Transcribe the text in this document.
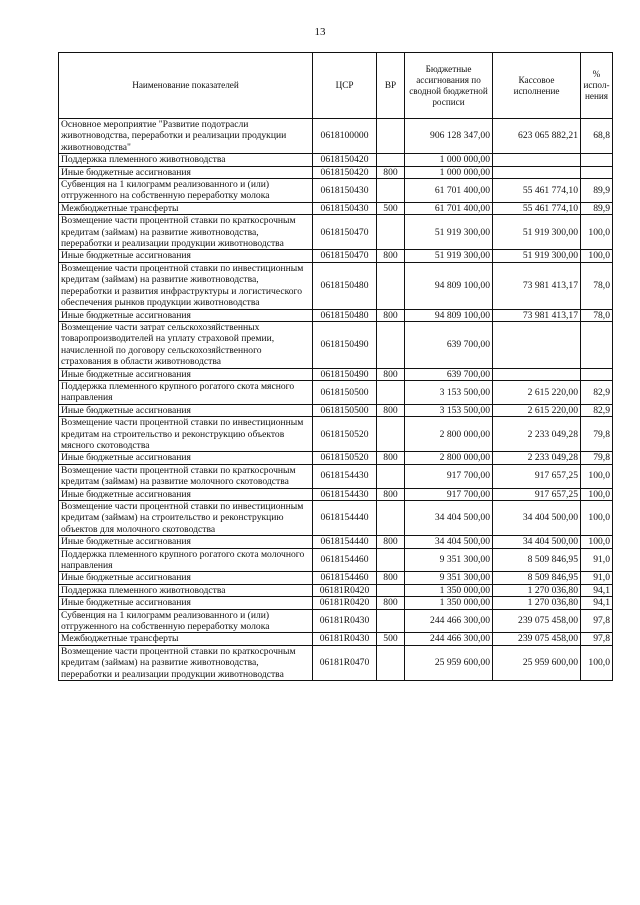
13
Наименование показателей	ЦСР	ВР	Бюджетные ассигнования по сводной бюджетной росписи	Кассовое исполнение	% испол-нения
Основное мероприятие "Развитие подотрасли животноводства, переработки и реализации продукции животноводства"	0618100000		906 128 347,00	623 065 882,21	68,8
Поддержка племенного животноводства	0618150420		1 000 000,00		
Иные бюджетные ассигнования	0618150420	800	1 000 000,00		
Субвенция на 1 килограмм реализованного и (или) отгруженного на собственную переработку молока	0618150430		61 701 400,00	55 461 774,10	89,9
Межбюджетные трансферты	0618150430	500	61 701 400,00	55 461 774,10	89,9
Возмещение части процентной ставки по краткосрочным кредитам (займам) на развитие животноводства, переработки и реализации продукции животноводства	0618150470		51 919 300,00	51 919 300,00	100,0
Иные бюджетные ассигнования	0618150470	800	51 919 300,00	51 919 300,00	100,0
Возмещение части процентной ставки по инвестиционным кредитам (займам) на развитие животноводства, переработки и развития инфраструктуры и логистического обеспечения рынков продукции животноводства	0618150480		94 809 100,00	73 981 413,17	78,0
Иные бюджетные ассигнования	0618150480	800	94 809 100,00	73 981 413,17	78,0
Возмещение части затрат сельскохозяйственных товаропроизводителей на уплату страховой премии, начисленной по договору сельскохозяйственного страхования в области животноводства	0618150490		639 700,00		
Иные бюджетные ассигнования	0618150490	800	639 700,00		
Поддержка племенного крупного рогатого скота мясного направления	0618150500		3 153 500,00	2 615 220,00	82,9
Иные бюджетные ассигнования	0618150500	800	3 153 500,00	2 615 220,00	82,9
Возмещение части процентной ставки по инвестиционным кредитам на строительство и реконструкцию объектов мясного скотоводства	0618150520		2 800 000,00	2 233 049,28	79,8
Иные бюджетные ассигнования	0618150520	800	2 800 000,00	2 233 049,28	79,8
Возмещение части процентной ставки по краткосрочным кредитам (займам) на развитие молочного скотоводства	0618154430		917 700,00	917 657,25	100,0
Иные бюджетные ассигнования	0618154430	800	917 700,00	917 657,25	100,0
Возмещение части процентной ставки по инвестиционным кредитам (займам) на строительство и реконструкцию объектов для молочного скотоводства	0618154440		34 404 500,00	34 404 500,00	100,0
Иные бюджетные ассигнования	0618154440	800	34 404 500,00	34 404 500,00	100,0
Поддержка племенного крупного рогатого скота молочного направления	0618154460		9 351 300,00	8 509 846,95	91,0
Иные бюджетные ассигнования	0618154460	800	9 351 300,00	8 509 846,95	91,0
Поддержка племенного животноводства	06181R0420		1 350 000,00	1 270 036,80	94,1
Иные бюджетные ассигнования	06181R0420	800	1 350 000,00	1 270 036,80	94,1
Субвенция на 1 килограмм реализованного и (или) отгруженного на собственную переработку молока	06181R0430		244 466 300,00	239 075 458,00	97,8
Межбюджетные трансферты	06181R0430	500	244 466 300,00	239 075 458,00	97,8
Возмещение части процентной ставки по краткосрочным кредитам (займам) на развитие животноводства, переработки и реализации продукции животноводства	06181R0470		25 959 600,00	25 959 600,00	100,0
